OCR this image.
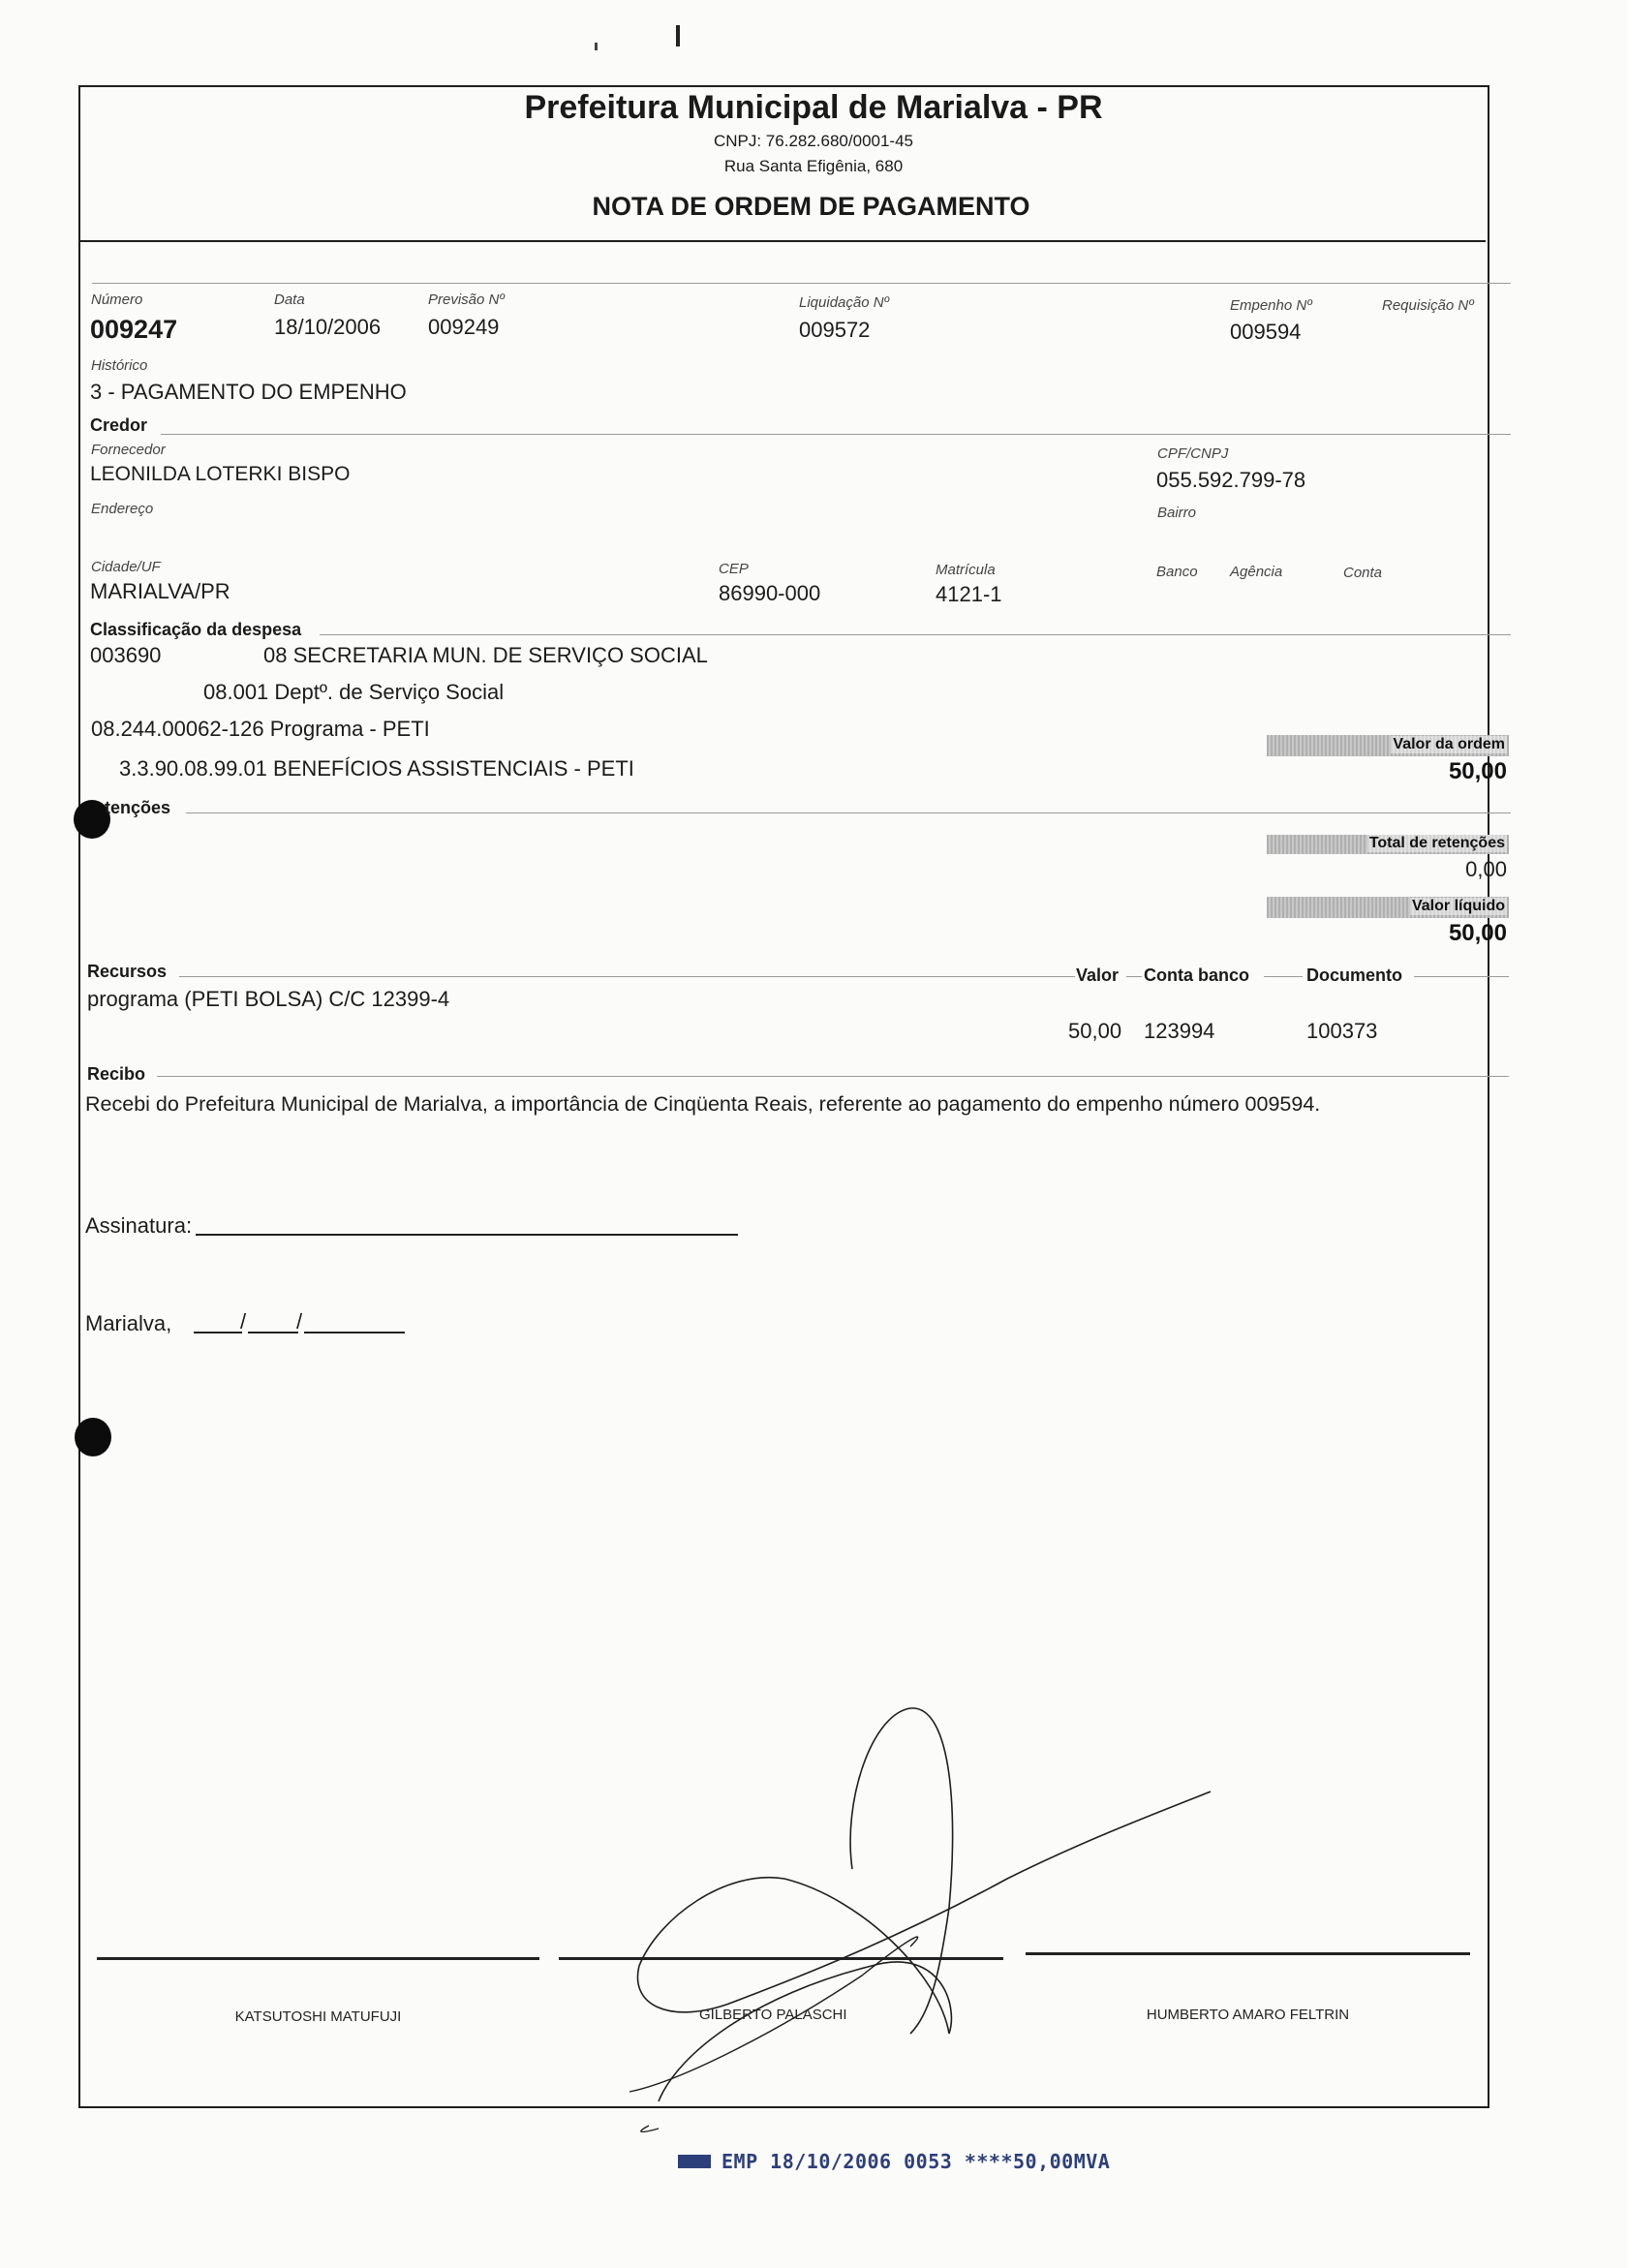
Prefeitura Municipal de Marialva - PR
CNPJ: 76.282.680/0001-45
Rua Santa Efigênia, 680
NOTA DE ORDEM DE PAGAMENTO
Número
009247
Data
18/10/2006
Previsão Nº
009249
Liquidação Nº
009572
Empenho Nº
009594
Requisição Nº
Histórico
3 - PAGAMENTO DO EMPENHO
Credor
Fornecedor
LEONILDA LOTERKI BISPO
CPF/CNPJ
055.592.799-78
Endereço	Bairro
Cidade/UF
MARIALVA/PR
CEP
86990-000
Matrícula
4121-1
Banco Agência	Conta
Classificação da despesa
003690	08 SECRETARIA MUN. DE SERVIÇO SOCIAL
08.001 Deptº. de Serviço Social
08.244.00062-126 Programa - PETI
3.3.90.08.99.01 BENEFÍCIOS ASSISTENCIAIS - PETI
Valor da ordem
50,00
tenções
Total de retenções
0,00
Valor líquido
50,00
Recursos	Valor Conta banco	Documento
programa (PETI BOLSA) C/C 12399-4
50,00 123994	100373
Recibo
Recebi do Prefeitura Municipal de Marialva, a importância de Cinqüenta Reais, referente ao pagamento do empenho número 009594.
Assinatura:
Marialva,	/ /
KATSUTOSHI MATUFUJI	GILBERTO PALASCHI	HUMBERTO AMARO FELTRIN
EMP 18/10/2006 0053 ****50,00MVA
